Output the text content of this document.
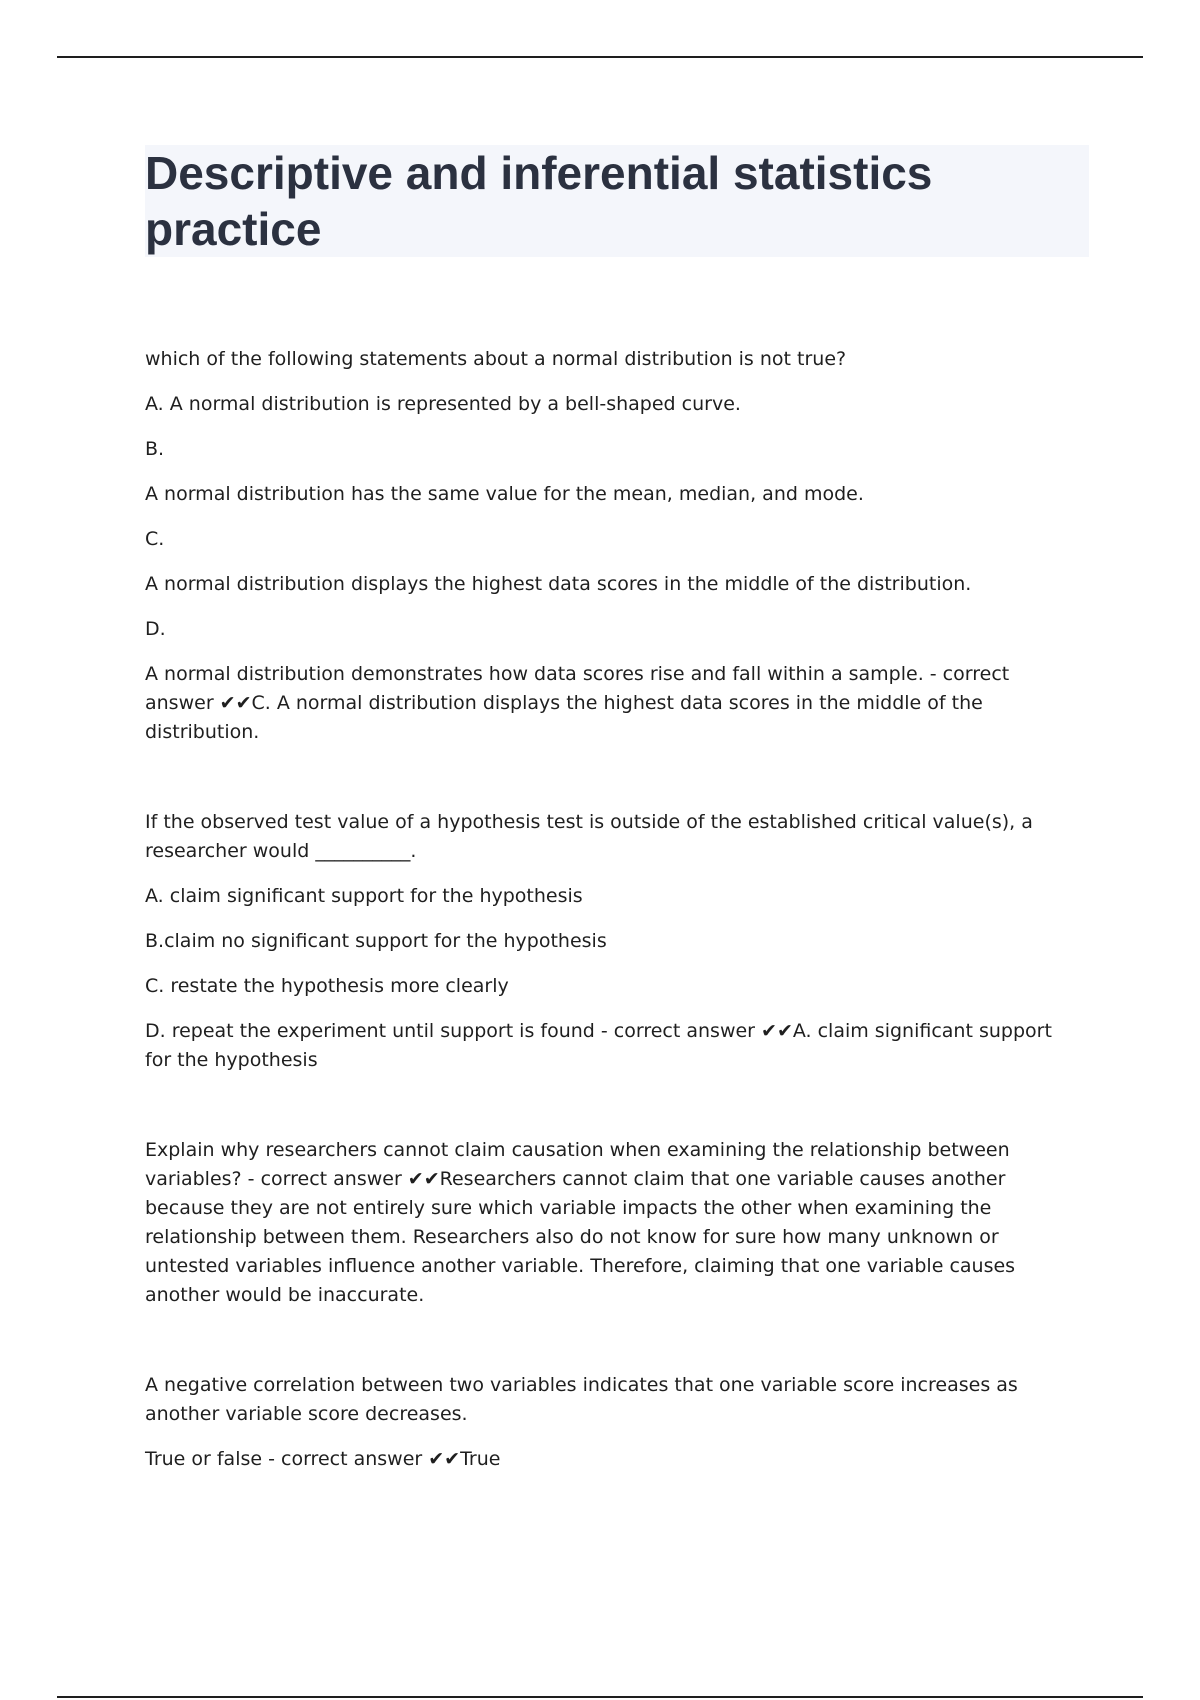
Descriptive and inferential statistics practice

which of the following statements about a normal distribution is not true?

A. A normal distribution is represented by a bell-shaped curve.

B.

A normal distribution has the same value for the mean, median, and mode.

C.

A normal distribution displays the highest data scores in the middle of the distribution.

D.

A normal distribution demonstrates how data scores rise and fall within a sample. - correct answer ✔✔C. A normal distribution displays the highest data scores in the middle of the distribution.

If the observed test value of a hypothesis test is outside of the established critical value(s), a researcher would __________.

A. claim significant support for the hypothesis

B.claim no significant support for the hypothesis

C. restate the hypothesis more clearly

D. repeat the experiment until support is found - correct answer ✔✔A. claim significant support for the hypothesis

Explain why researchers cannot claim causation when examining the relationship between variables? - correct answer ✔✔Researchers cannot claim that one variable causes another because they are not entirely sure which variable impacts the other when examining the relationship between them. Researchers also do not know for sure how many unknown or untested variables influence another variable. Therefore, claiming that one variable causes another would be inaccurate.

A negative correlation between two variables indicates that one variable score increases as another variable score decreases.

True or false - correct answer ✔✔True
